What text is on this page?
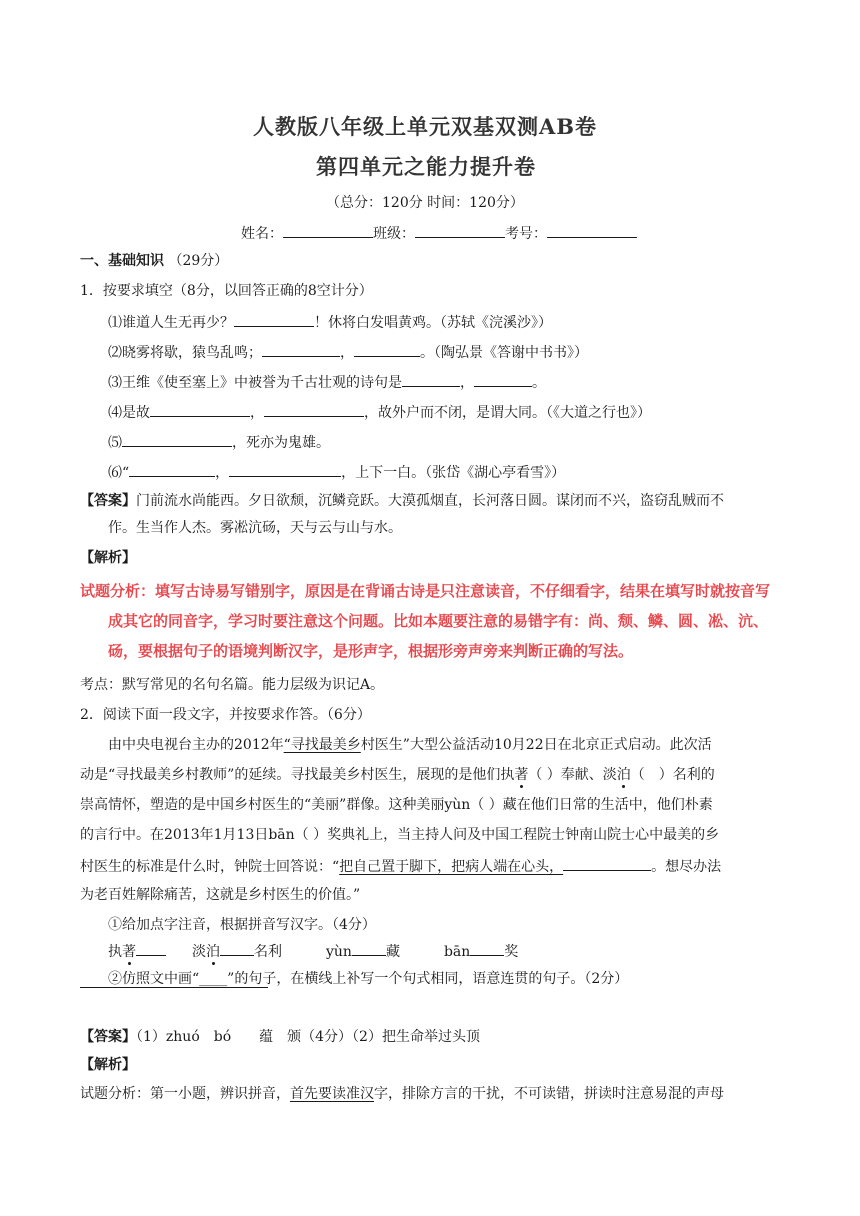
人教版八年级上单元双基双测AB卷
第四单元之能力提升卷
（总分：120分 时间：120分）
姓名：	班级：	考号：
一、基础知识 （29分）
1．按要求填空（8分，以回答正确的8空计分）
⑴谁道人生无再少？	！休将白发唱黄鸡。（苏轼《浣溪沙》）
⑵晓雾将歇，猿鸟乱鸣；	，	。（陶弘景《答谢中书书》）
⑶王维《使至塞上》中被誉为千古壮观的诗句是	，	。
⑷是故	，	，故外户而不闭，是谓大同。（《大道之行也》）
⑸	，死亦为鬼雄。
⑹“	，	，上下一白。（张岱《湖心亭看雪》）
【答案】门前流水尚能西。夕日欲颓，沉鳞竞跃。大漠孤烟直，长河落日圆。谋闭而不兴，盗窃乱贼而不
作。生当作人杰。雾凇沆砀，天与云与山与水。
【解析】
试题分析：填写古诗易写错别字，原因是在背诵古诗是只注意读音，不仔细看字，结果在填写时就按音写
成其它的同音字，学习时要注意这个问题。比如本题要注意的易错字有：尚、颓、鳞、圆、凇、沆、
砀，要根据句子的语境判断汉字，是形声字，根据形旁声旁来判断正确的写法。
考点：默写常见的名句名篇。能力层级为识记A。
2．阅读下面一段文字，并按要求作答。（6分）
由中央电视台主办的2012年“寻找最美乡村医生”大型公益活动10月22日在北京正式启动。此次活
动是“寻找最美乡村教师”的延续。寻找最美乡村医生，展现的是他们执著（ ）奉献、淡泊（　）名利的
崇高情怀，塑造的是中国乡村医生的“美丽”群像。这种美丽yùn（ ）藏在他们日常的生活中，他们朴素
的言行中。在2013年1月13日bān（ ）奖典礼上，当主持人问及中国工程院士钟南山院士心中最美的乡
村医生的标准是什么时，钟院士回答说：“把自己置于脚下，把病人端在心头，	。想尽办法
为老百姓解除痛苦，这就是乡村医生的价值。”
①给加点字注音，根据拼音写汉字。（4分）
执著	淡泊 名利	yùn 藏	bān 奖
②仿照文中画“____”的句子，在横线上补写一个句式相同，语意连贯的句子。（2分）
【答案】（1）zhuó　bó　　蕴　颁（4分）（2）把生命举过头顶
【解析】
试题分析：第一小题，辨识拼音，首先要读准汉字，排除方言的干扰，不可读错，拼读时注意易混的声母
